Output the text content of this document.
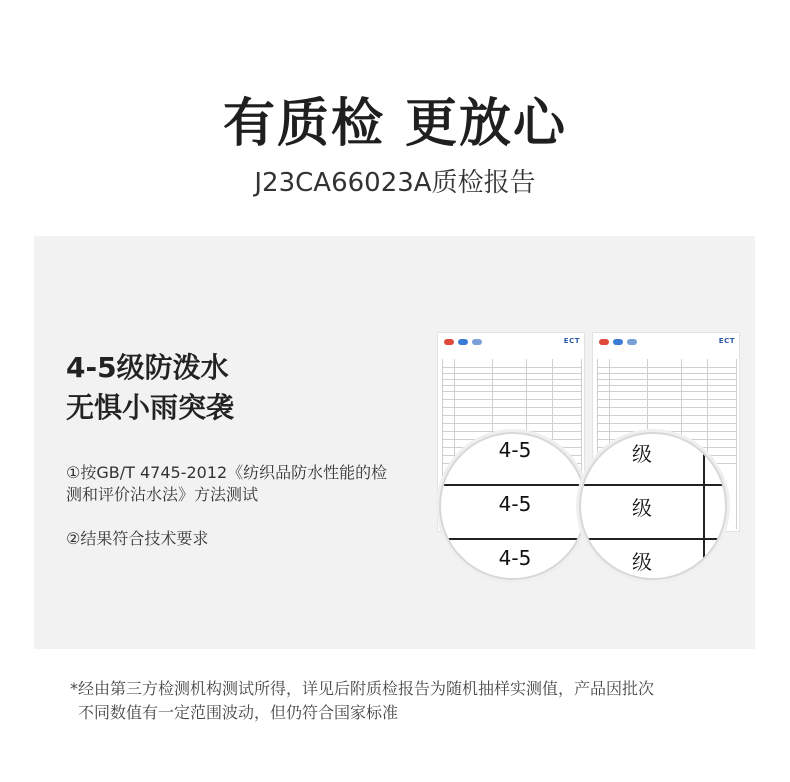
有质检 更放心
J23CA66023A质检报告
4-5级防泼水
无惧小雨突袭
①按GB/T 4745-2012《纺织品防水性能的检测和评价沾水法》方法测试
②结果符合技术要求
ECT	ECT
4-5
4-5
4-5
级
级
级
*经由第三方检测机构测试所得，详见后附质检报告为随机抽样实测值，产品因批次
不同数值有一定范围波动，但仍符合国家标准
